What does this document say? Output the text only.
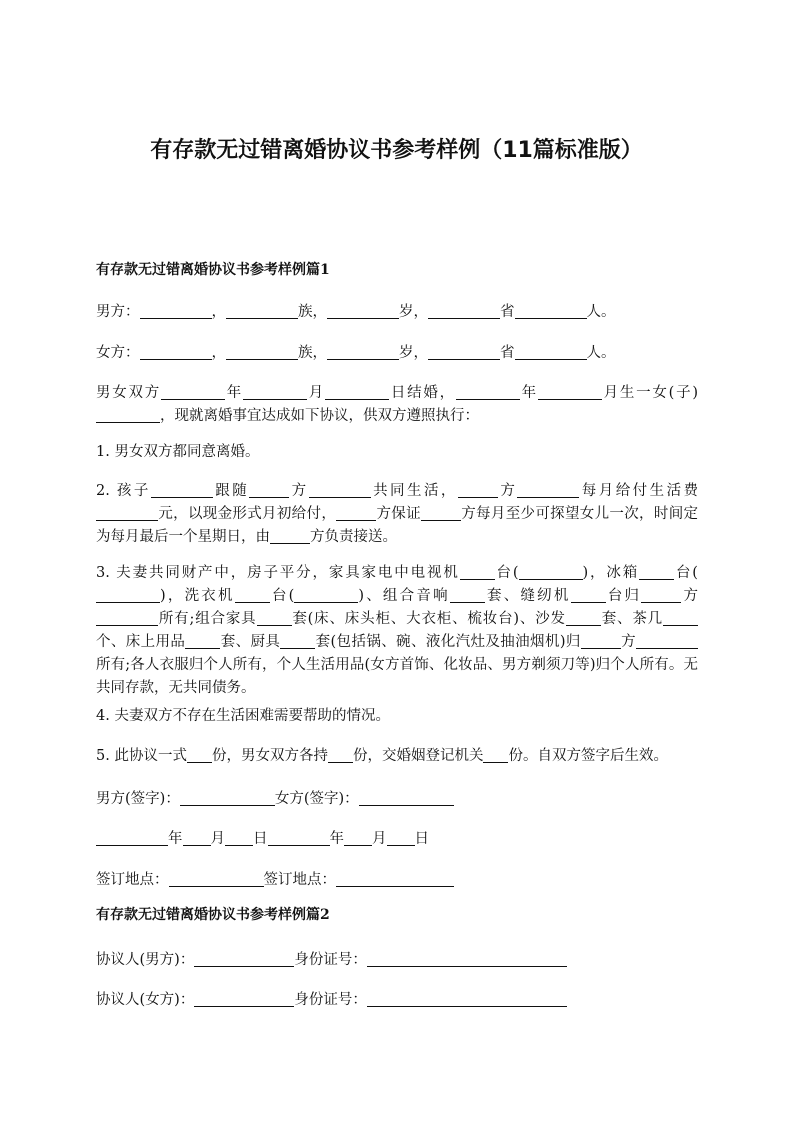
有存款无过错离婚协议书参考样例（11篇标准版）
有存款无过错离婚协议书参考样例篇1

男方：	，	族，	岁，	省	人。

女方：	，	族，	岁，	省	人。

男女双方	年	月	日结婚，	年	月生一女(子)，现就离婚事宜达成如下协议，供双方遵照执行：

1. 男女双方都同意离婚。

2. 孩子	跟随	方	共同生活，	方	每月给付生活费元，以现金形式月初给付，	方保证	方每月至少可探望女儿一次，时间定为每月最后一个星期日，由	方负责接送。

3. 夫妻共同财产中，房子平分，家具家电中电视机 台(	)，冰箱 台()，洗衣机 台(	)、组合音响 套、缝纫机 台归	方所有;组合家具 套(床、床头柜、大衣柜、梳妆台)、沙发 套、茶几个、床上用品 套、厨具 套(包括锅、碗、液化汽灶及抽油烟机)归	方所有;各人衣服归个人所有，个人生活用品(女方首饰、化妆品、男方剃须刀等)归个人所有。无共同存款，无共同债务。

4. 夫妻双方不存在生活困难需要帮助的情况。

5. 此协议一式 份，男女双方各持 份，交婚姻登记机关 份。自双方签字后生效。

男方(签字)：	女方(签字)：

年 月 日	年 月 日

签订地点：	签订地点：

有存款无过错离婚协议书参考样例篇2

协议人(男方)：	身份证号：

协议人(女方)：	身份证号：
